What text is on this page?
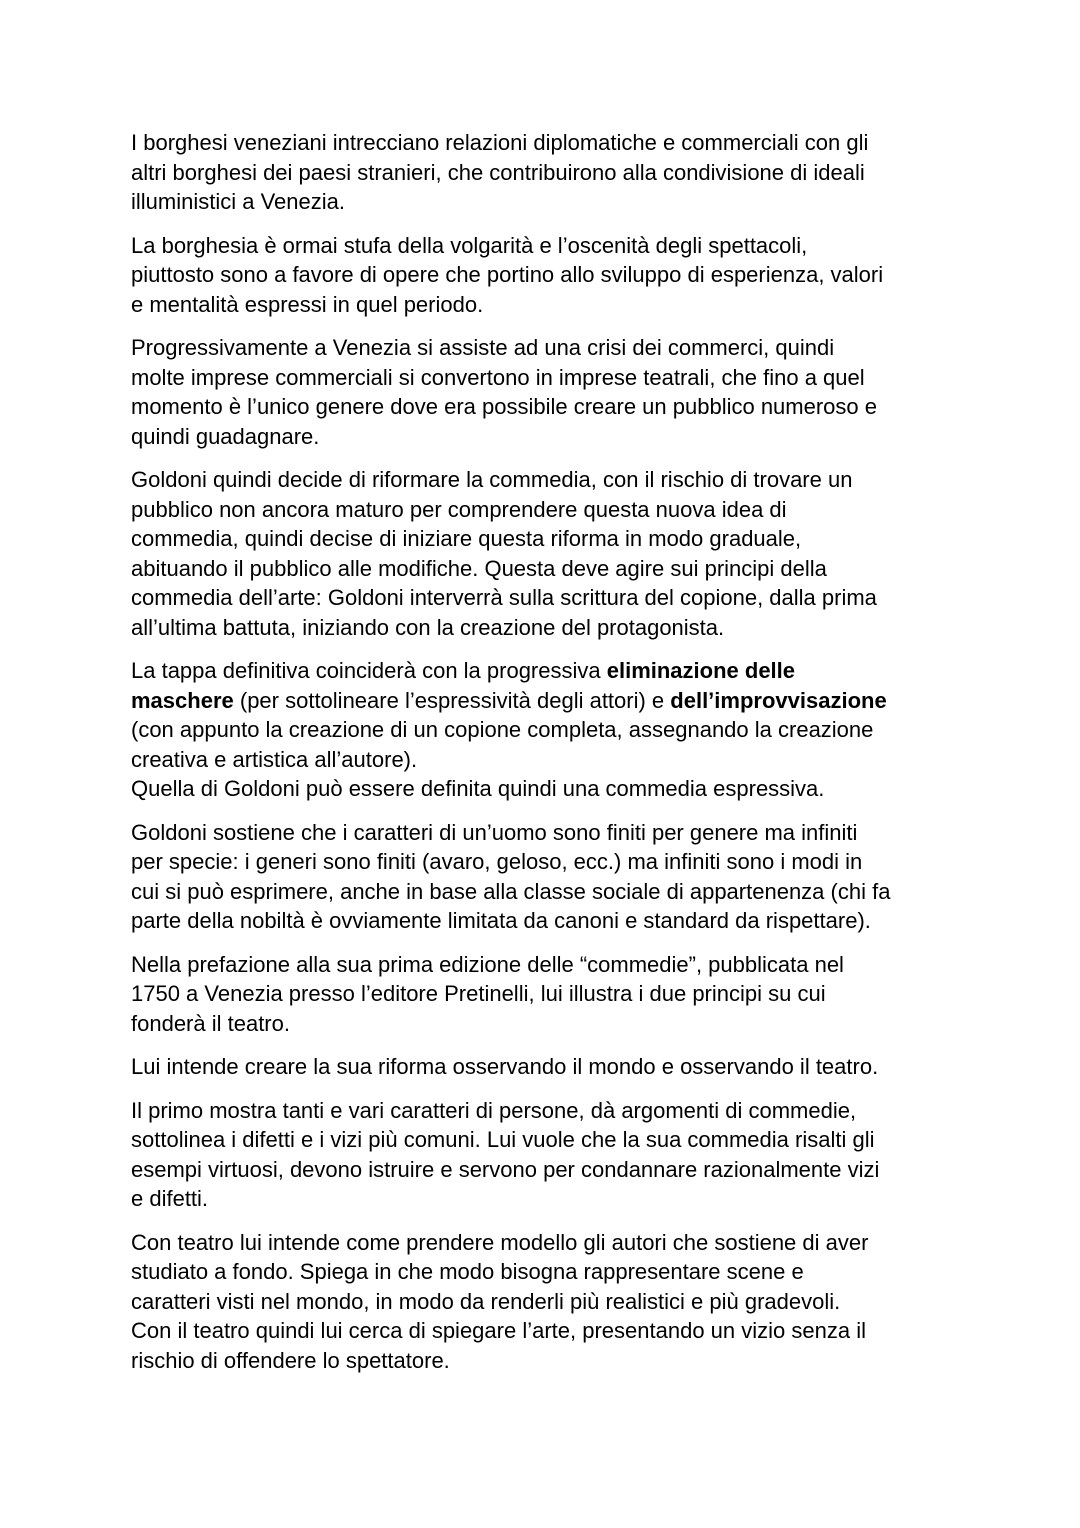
I borghesi veneziani intrecciano relazioni diplomatiche e commerciali con gli
altri borghesi dei paesi stranieri, che contribuirono alla condivisione di ideali
illuministici a Venezia.

La borghesia è ormai stufa della volgarità e l’oscenità degli spettacoli,
piuttosto sono a favore di opere che portino allo sviluppo di esperienza, valori
e mentalità espressi in quel periodo.

Progressivamente a Venezia si assiste ad una crisi dei commerci, quindi
molte imprese commerciali si convertono in imprese teatrali, che fino a quel
momento è l’unico genere dove era possibile creare un pubblico numeroso e
quindi guadagnare.

Goldoni quindi decide di riformare la commedia, con il rischio di trovare un
pubblico non ancora maturo per comprendere questa nuova idea di
commedia, quindi decise di iniziare questa riforma in modo graduale,
abituando il pubblico alle modifiche. Questa deve agire sui principi della
commedia dell’arte: Goldoni interverrà sulla scrittura del copione, dalla prima
all’ultima battuta, iniziando con la creazione del protagonista.

La tappa definitiva coinciderà con la progressiva eliminazione delle
maschere (per sottolineare l’espressività degli attori) e dell’improvvisazione
(con appunto la creazione di un copione completa, assegnando la creazione
creativa e artistica all’autore).

Quella di Goldoni può essere definita quindi una commedia espressiva.

Goldoni sostiene che i caratteri di un’uomo sono finiti per genere ma infiniti
per specie: i generi sono finiti (avaro, geloso, ecc.) ma infiniti sono i modi in
cui si può esprimere, anche in base alla classe sociale di appartenenza (chi fa
parte della nobiltà è ovviamente limitata da canoni e standard da rispettare).

Nella prefazione alla sua prima edizione delle “commedie”, pubblicata nel
1750 a Venezia presso l’editore Pretinelli, lui illustra i due principi su cui
fonderà il teatro.

Lui intende creare la sua riforma osservando il mondo e osservando il teatro.

Il primo mostra tanti e vari caratteri di persone, dà argomenti di commedie,
sottolinea i difetti e i vizi più comuni. Lui vuole che la sua commedia risalti gli
esempi virtuosi, devono istruire e servono per condannare razionalmente vizi
e difetti.

Con teatro lui intende come prendere modello gli autori che sostiene di aver
studiato a fondo. Spiega in che modo bisogna rappresentare scene e
caratteri visti nel mondo, in modo da renderli più realistici e più gradevoli.
Con il teatro quindi lui cerca di spiegare l’arte, presentando un vizio senza il
rischio di offendere lo spettatore.
